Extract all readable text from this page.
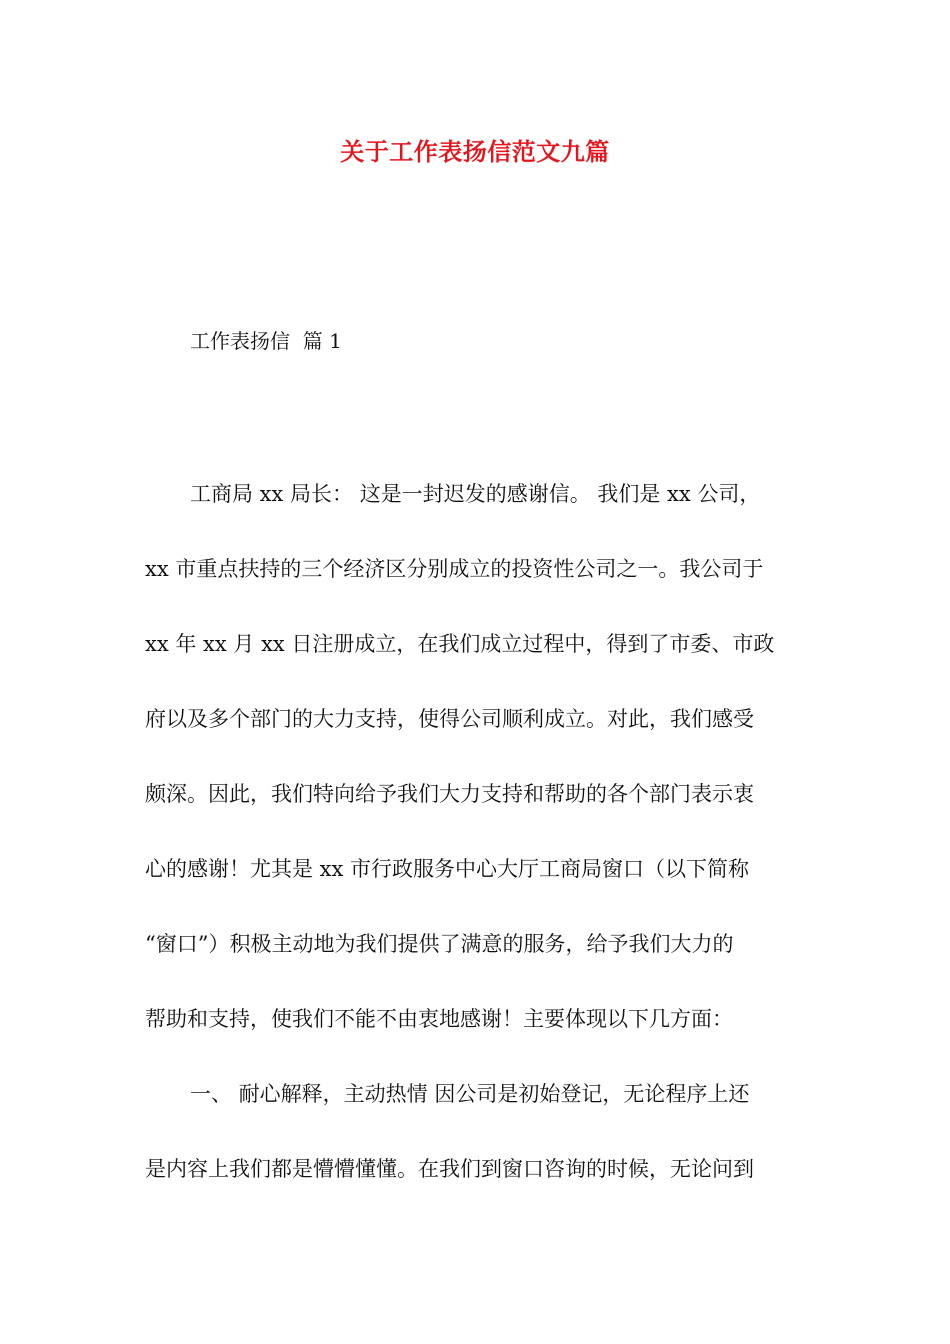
关于工作表扬信范文九篇
工作表扬信  篇 1
工商局 xx 局长： 这是一封迟发的感谢信。 我们是 xx 公司，
xx 市重点扶持的三个经济区分别成立的投资性公司之一。我公司于
xx 年 xx 月 xx 日注册成立，在我们成立过程中，得到了市委、市政
府以及多个部门的大力支持，使得公司顺利成立。对此，我们感受
颇深。因此，我们特向给予我们大力支持和帮助的各个部门表示衷
心的感谢！尤其是 xx 市行政服务中心大厅工商局窗口（以下简称
“窗口”）积极主动地为我们提供了满意的服务，给予我们大力的
帮助和支持，使我们不能不由衷地感谢！主要体现以下几方面：
一、 耐心解释，主动热情 因公司是初始登记，无论程序上还
是内容上我们都是懵懵懂懂。在我们到窗口咨询的时候，无论问到
